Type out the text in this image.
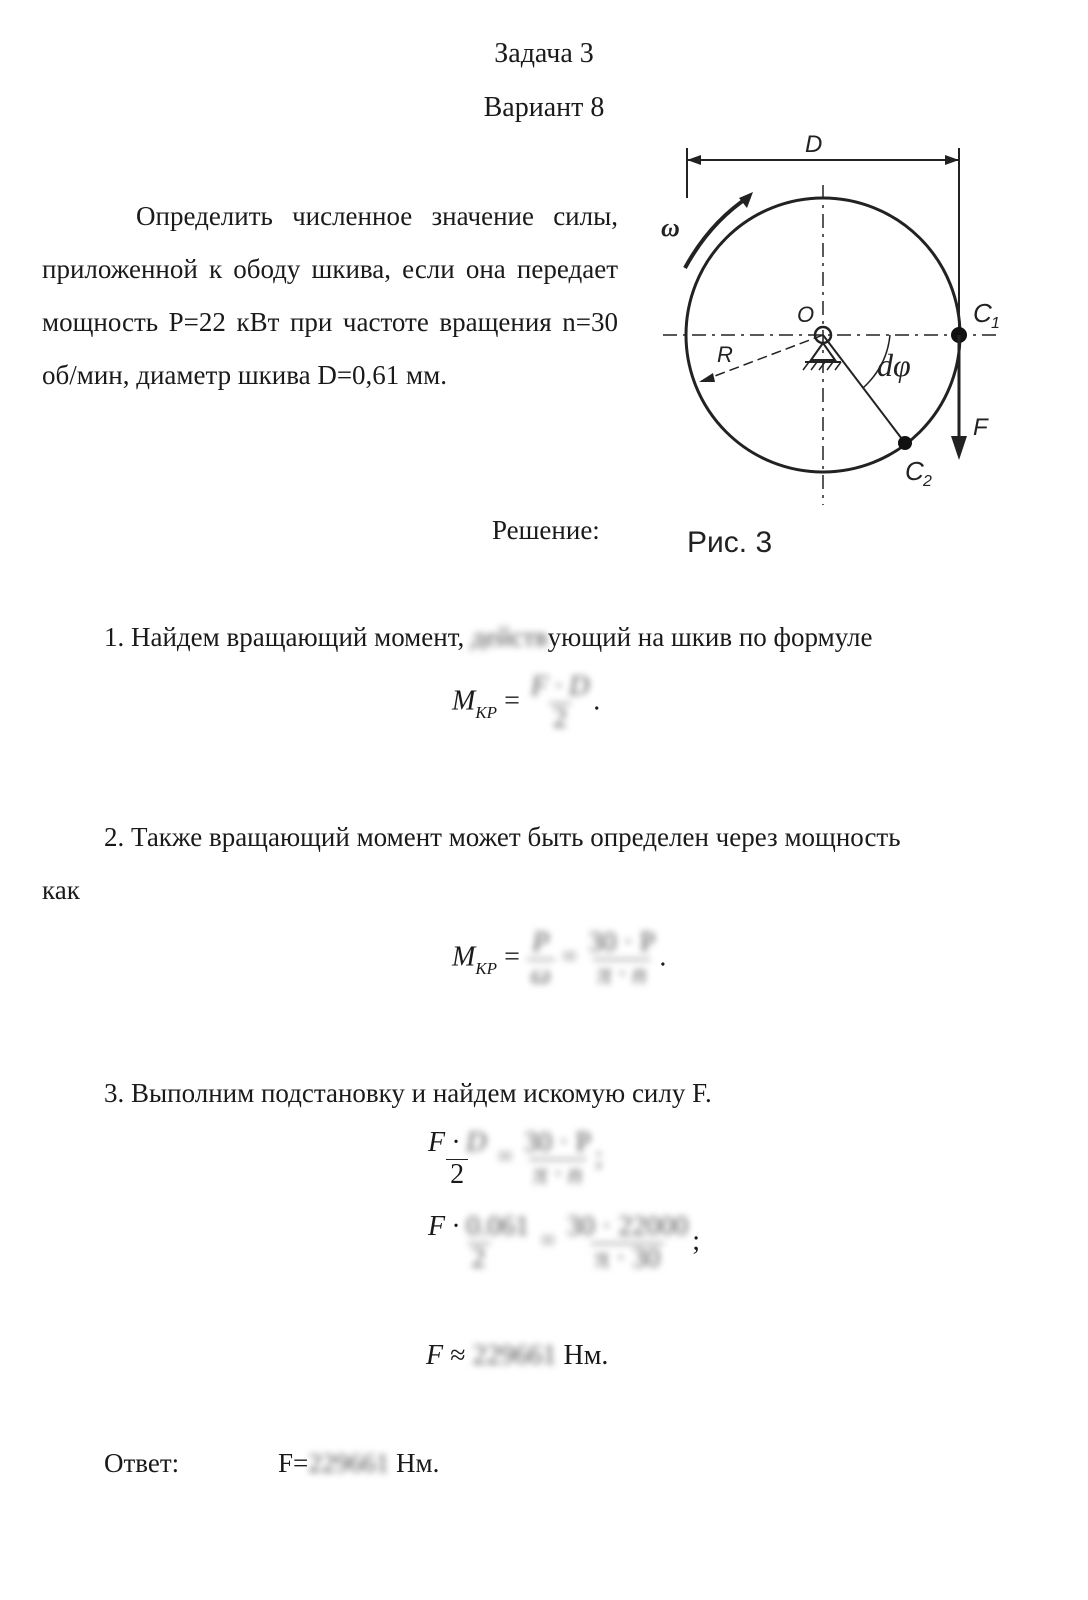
Задача 3
Вариант 8
Определить численное значение силы, приложенной к ободу шкива, если она передает мощность Р=22 кВт при частоте вращения n=30 об/мин, диаметр шкива D=0,61 мм.
D
ω
O
R	dφ
C 1
F
C 2
Рис. 3
Решение:
1. Найдем вращающий момент, действующий на шкив по формуле
$M_{KP} = \frac{F \cdot D}{2}$ .
2. Также вращающий момент может быть определен через мощность
как
$M_{KP} = \frac{P}{\omega} = \frac{30 \cdot P}{\pi \cdot n}$ .
3. Выполним подстановку и найдем искомую силу F.
$\frac{F \cdot D}{2} = \frac{30 \cdot P}{\pi \cdot n}$ ;
$\frac{F \cdot 0.061}{2} = \frac{30 \cdot 22000}{\pi \cdot 30}$ ;
F ≈ 229661 Нм.
Ответ:	F=229661 Нм.
